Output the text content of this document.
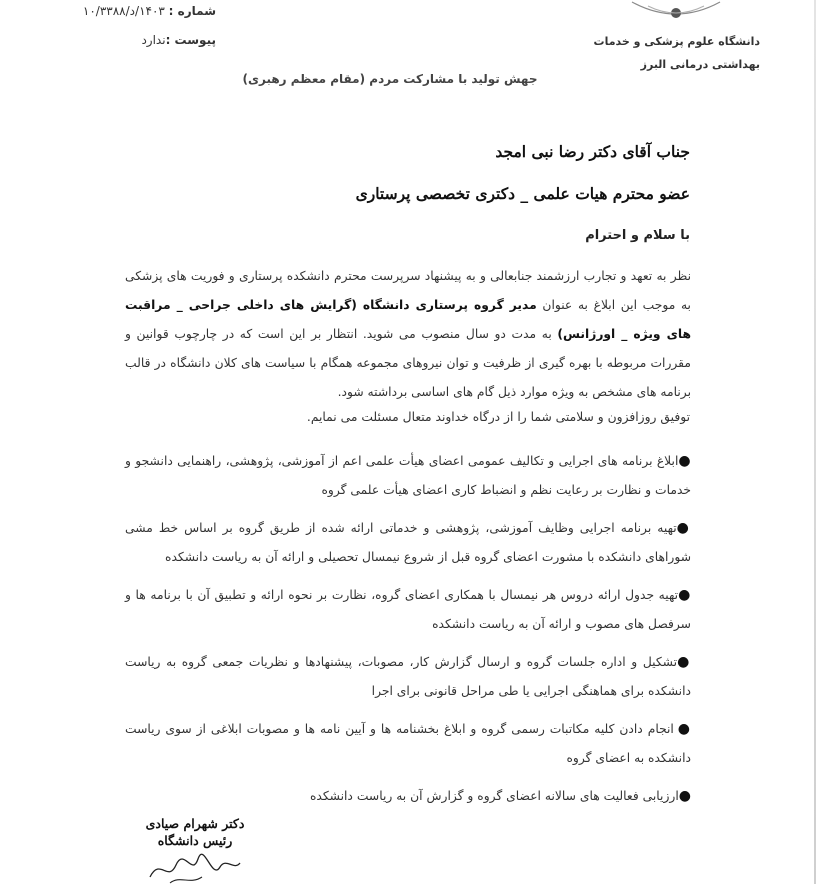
دانشگاه علوم پزشکی و خدمات
بهداشتی درمانی البرز
شماره : ۱۴۰۳/د/۱۰/۳۳۸۸
پیوست :ندارد
جهش تولید با مشارکت مردم (مقام معظم رهبری)
جناب آقای دکتر رضا نبی امجد
عضو محترم هیات علمی _ دکتری تخصصی پرستاری
با سلام و احترام
نظر به تعهد و تجارب ارزشمند جنابعالی و به پیشنهاد سرپرست محترم دانشکده پرستاری و فوریت های پزشکی به موجب این ابلاغ به عنوان مدیر گروه پرستاری دانشگاه (گرایش های داخلی جراحی _ مراقبت های ویژه _ اورژانس) به مدت دو سال منصوب می شوید. انتظار بر این است که در چارچوب قوانین و مقررات مربوطه با بهره گیری از ظرفیت و توان نیروهای مجموعه همگام با سیاست های کلان دانشگاه در قالب برنامه های مشخص به ویژه موارد ذیل گام های اساسی برداشته شود.
توفیق روزافزون و سلامتی شما را از درگاه خداوند متعال مسئلت می نمایم.
●ابلاغ برنامه های اجرایی و تکالیف عمومی اعضای هیأت علمی اعم از آموزشی، پژوهشی، راهنمایی دانشجو و خدمات و نظارت بر رعایت نظم و انضباط کاری اعضای هیأت علمی گروه
●تهیه برنامه اجرایی وظایف آموزشی، پژوهشی و خدماتی ارائه شده از طریق گروه بر اساس خط مشی شوراهای دانشکده با مشورت اعضای گروه قبل از شروع نیمسال تحصیلی و ارائه آن به ریاست دانشکده
●تهیه جدول ارائه دروس هر نیمسال با همکاری اعضای گروه، نظارت بر نحوه ارائه و تطبیق آن با برنامه ها و سرفصل های مصوب و ارائه آن به ریاست دانشکده
●تشکیل و اداره جلسات گروه و ارسال گزارش کار، مصوبات، پیشنهادها و نظریات جمعی گروه به ریاست دانشکده برای هماهنگی اجرایی یا طی مراحل قانونی برای اجرا
● انجام دادن کلیه مکاتبات رسمی گروه و ابلاغ بخشنامه ها و آیین نامه ها و مصوبات ابلاغی از سوی ریاست دانشکده به اعضای گروه
●ارزیابی فعالیت های سالانه اعضای گروه و گزارش آن به ریاست دانشکده
دکتر شهرام صیادی
رئیس دانشگاه
